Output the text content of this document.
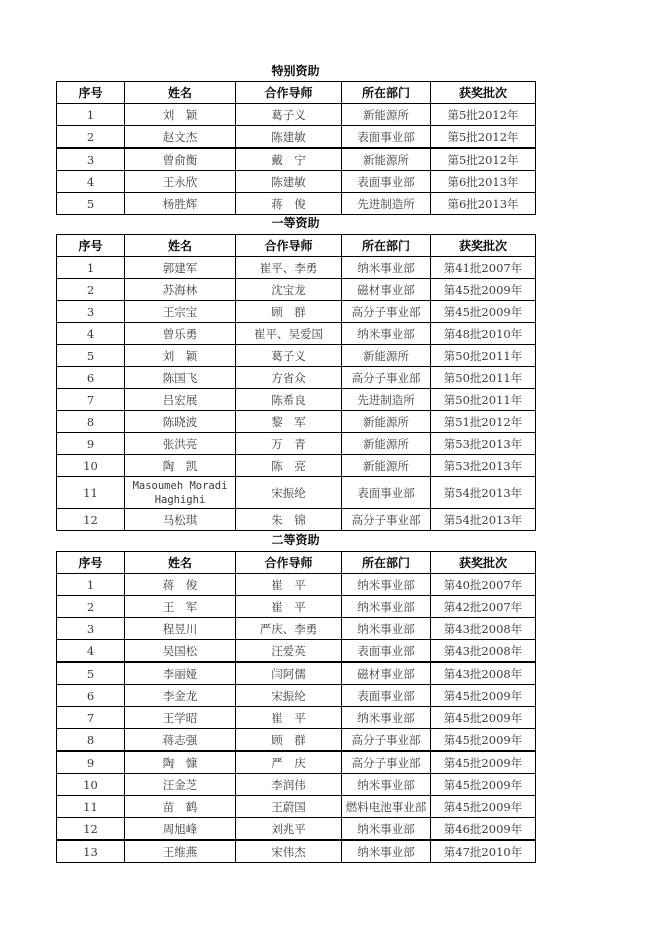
特别资助
序号	姓名	合作导师	所在部门	获奖批次
1	刘　颖	葛子义	新能源所	第5批2012年
2	赵文杰	陈建敏	表面事业部	第5批2012年
3	曾俞衡	戴　宁	新能源所	第5批2012年
4	王永欣	陈建敏	表面事业部	第6批2013年
5	杨胜辉	蒋　俊	先进制造所	第6批2013年
一等资助
序号	姓名	合作导师	所在部门	获奖批次
1	郭建军	崔平、李勇	纳米事业部	第41批2007年
2	苏海林	沈宝龙	磁材事业部	第45批2009年
3	王宗宝	顾　群	高分子事业部	第45批2009年
4	曾乐勇	崔平、吴爱国	纳米事业部	第48批2010年
5	刘　颖	葛子义	新能源所	第50批2011年
6	陈国飞	方省众	高分子事业部	第50批2011年
7	吕宏展	陈希良	先进制造所	第50批2011年
8	陈晓波	黎　军	新能源所	第51批2012年
9	张洪亮	万　青	新能源所	第53批2013年
10	陶　凯	陈　亮	新能源所	第53批2013年
11	Masoumeh Moradi Haghighi	宋振纶	表面事业部	第54批2013年
12	马松琪	朱　锦	高分子事业部	第54批2013年
二等资助
序号	姓名	合作导师	所在部门	获奖批次
1	蒋　俊	崔　平	纳米事业部	第40批2007年
2	王　军	崔　平	纳米事业部	第42批2007年
3	程昱川	严庆、李勇	纳米事业部	第43批2008年
4	吴国松	汪爱英	表面事业部	第43批2008年
5	李丽娅	闫阿儒	磁材事业部	第43批2008年
6	李金龙	宋振纶	表面事业部	第45批2009年
7	王学昭	崔　平	纳米事业部	第45批2009年
8	蒋志强	顾　群	高分子事业部	第45批2009年
9	陶　慷	严　庆	高分子事业部	第45批2009年
10	汪金芝	李润伟	纳米事业部	第45批2009年
11	苗　鹤	王蔚国	燃料电池事业部	第45批2009年
12	周旭峰	刘兆平	纳米事业部	第46批2009年
13	王维燕	宋伟杰	纳米事业部	第47批2010年
